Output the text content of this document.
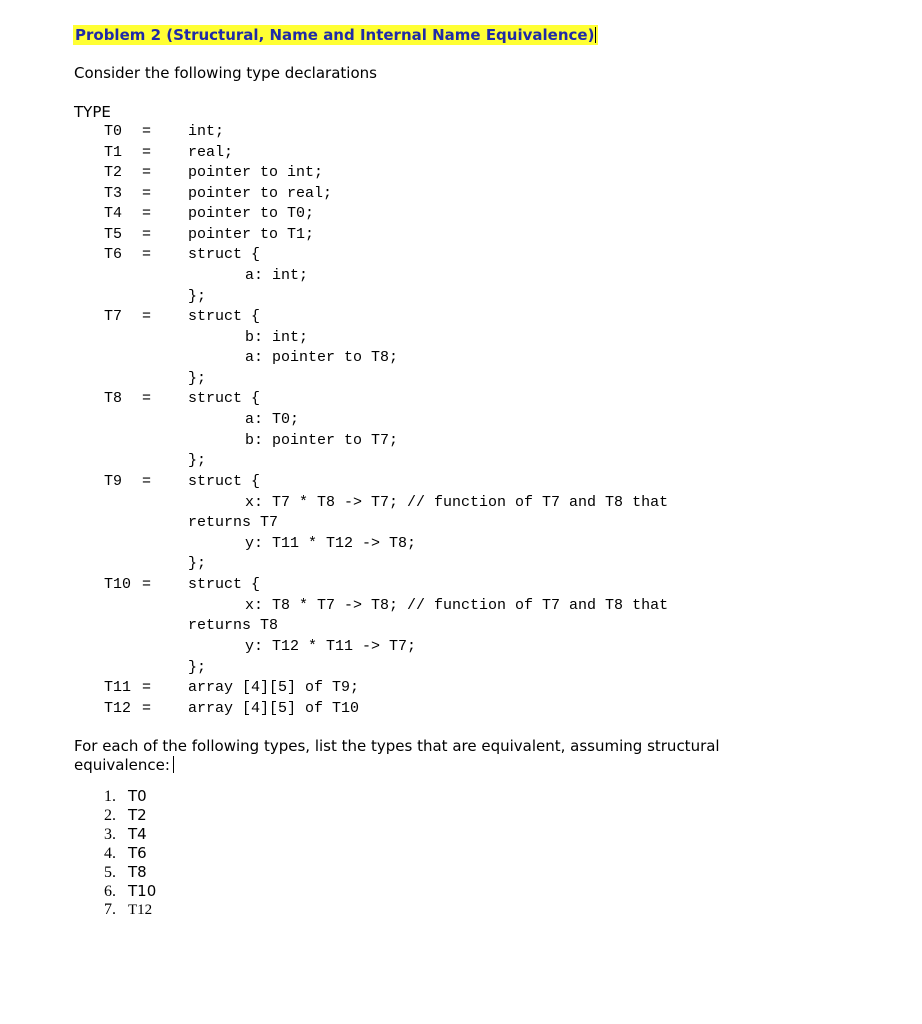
Problem 2 (Structural, Name and Internal Name Equivalence)
Consider the following type declarations
TYPE
T0 = int;
T1 = real;
T2 = pointer to int;
T3 = pointer to real;
T4 = pointer to T0;
T5 = pointer to T1;
T6 = struct {
a: int;
};
T7 = struct {
b: int;
a: pointer to T8;
};
T8 = struct {
a: T0;
b: pointer to T7;
};
T9 = struct {
x: T7 * T8 -> T7; // function of T7 and T8 that
returns T7
y: T11 * T12 -> T8;
};
T10 = struct {
x: T8 * T7 -> T8; // function of T7 and T8 that
returns T8
y: T12 * T11 -> T7;
};
T11 = array [4][5] of T9;
T12 = array [4][5] of T10
For each of the following types, list the types that are equivalent, assuming structural equivalence:
1. T0
2. T2
3. T4
4. T6
5. T8
6. T10
7. T12
